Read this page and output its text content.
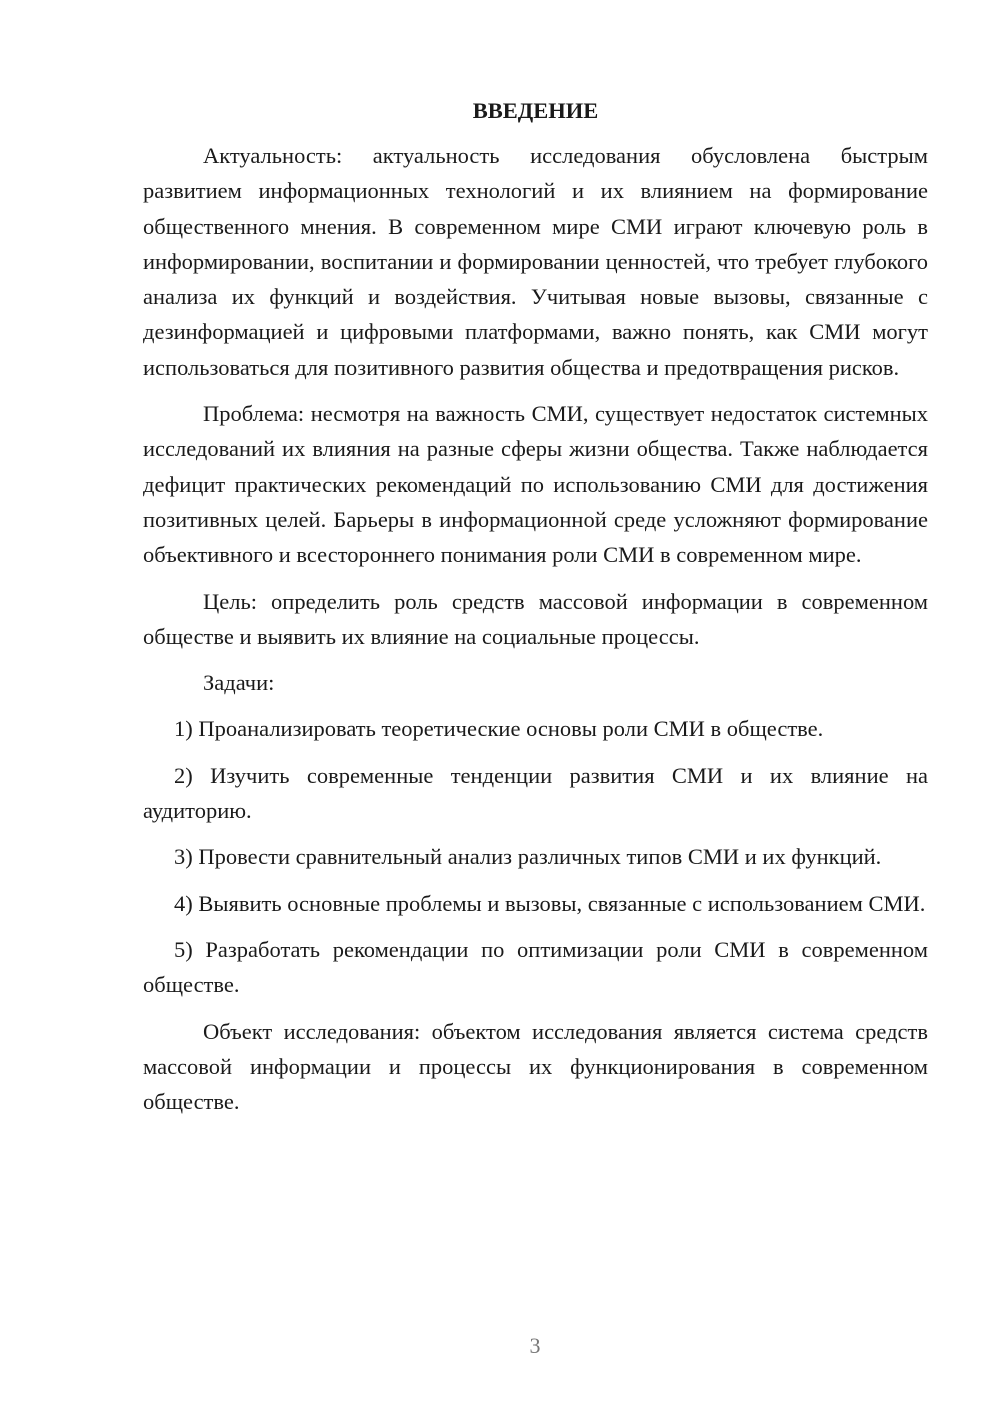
ВВЕДЕНИЕ

Актуальность: актуальность исследования обусловлена быстрым развитием информационных технологий и их влиянием на формирование общественного мнения. В современном мире СМИ играют ключевую роль в информировании, воспитании и формировании ценностей, что требует глубокого анализа их функций и воздействия. Учитывая новые вызовы, связанные с дезинформацией и цифровыми платформами, важно понять, как СМИ могут использоваться для позитивного развития общества и предотвращения рисков.

Проблема: несмотря на важность СМИ, существует недостаток системных исследований их влияния на разные сферы жизни общества. Также наблюдается дефицит практических рекомендаций по использованию СМИ для достижения позитивных целей. Барьеры в информационной среде усложняют формирование объективного и всестороннего понимания роли СМИ в современном мире.

Цель: определить роль средств массовой информации в современном обществе и выявить их влияние на социальные процессы.

Задачи:

1) Проанализировать теоретические основы роли СМИ в обществе.

2) Изучить современные тенденции развития СМИ и их влияние на аудиторию.

3) Провести сравнительный анализ различных типов СМИ и их функций.

4) Выявить основные проблемы и вызовы, связанные с использованием СМИ.

5) Разработать рекомендации по оптимизации роли СМИ в современном обществе.

Объект исследования: объектом исследования является система средств массовой информации и процессы их функционирования в современном обществе.

3
